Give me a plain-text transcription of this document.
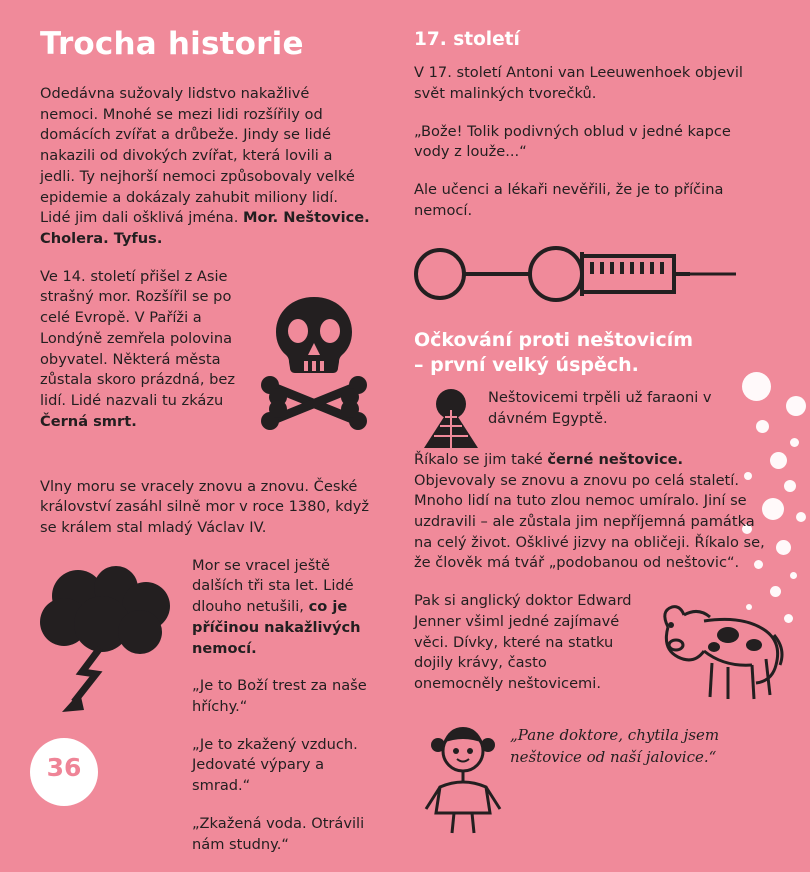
Trocha historie

Odedávna sužovaly lidstvo nakažlivé nemoci. Mnohé se mezi lidi rozšířily od domácích zvířat a drůbeže. Jindy se lidé nakazili od divokých zvířat, která lovili a jedli. Ty nejhorší nemoci způsobovaly velké epidemie a dokázaly zahubit miliony lidí. Lidé jim dali ošklivá jména. Mor. Neštovice. Cholera. Tyfus.

Ve 14. století přišel z Asie strašný mor. Rozšířil se po celé Evropě. V Paříži a Londýně zemřela polovina obyvatel. Některá města zůstala skoro prázdná, bez lidí. Lidé nazvali tu zkázu Černá smrt.

Vlny moru se vracely znovu a znovu. České království zasáhl silně mor v roce 1380, když se králem stal mladý Václav IV.

Mor se vracel ještě dalších tři sta let. Lidé dlouho netušili, co je příčinou nakažlivých nemocí.

„Je to Boží trest za naše hříchy.“

„Je to zkažený vzduch. Jedovaté výpary a smrad.“

„Zkažená voda. Otrávili nám studny.“

17. století

V 17. století Antoni van Leeuwenhoek objevil svět malinkých tvorečků.

„Bože! Tolik podivných oblud v jedné kapce vody z louže...“

Ale učenci a lékaři nevěřili, že je to příčina nemocí.

Očkování proti neštovicím
– první velký úspěch.

Neštovicemi trpěli už faraoni v dávném Egyptě.

Říkalo se jim také černé neštovice.
Objevovaly se znovu a znovu po celá staletí. Mnoho lidí na tuto zlou nemoc umíralo. Jiní se uzdravili – ale zůstala jim nepříjemná památka na celý život. Ošklivé jizvy na obličeji. Říkalo se, že člověk má tvář „podobanou od neštovic“.

Pak si anglický doktor Edward Jenner všiml jedné zajímavé věci. Dívky, které na statku dojily krávy, často onemocněly neštovicemi.

„Pane doktore, chytila jsem neštovice od naší jalovice.“
36
